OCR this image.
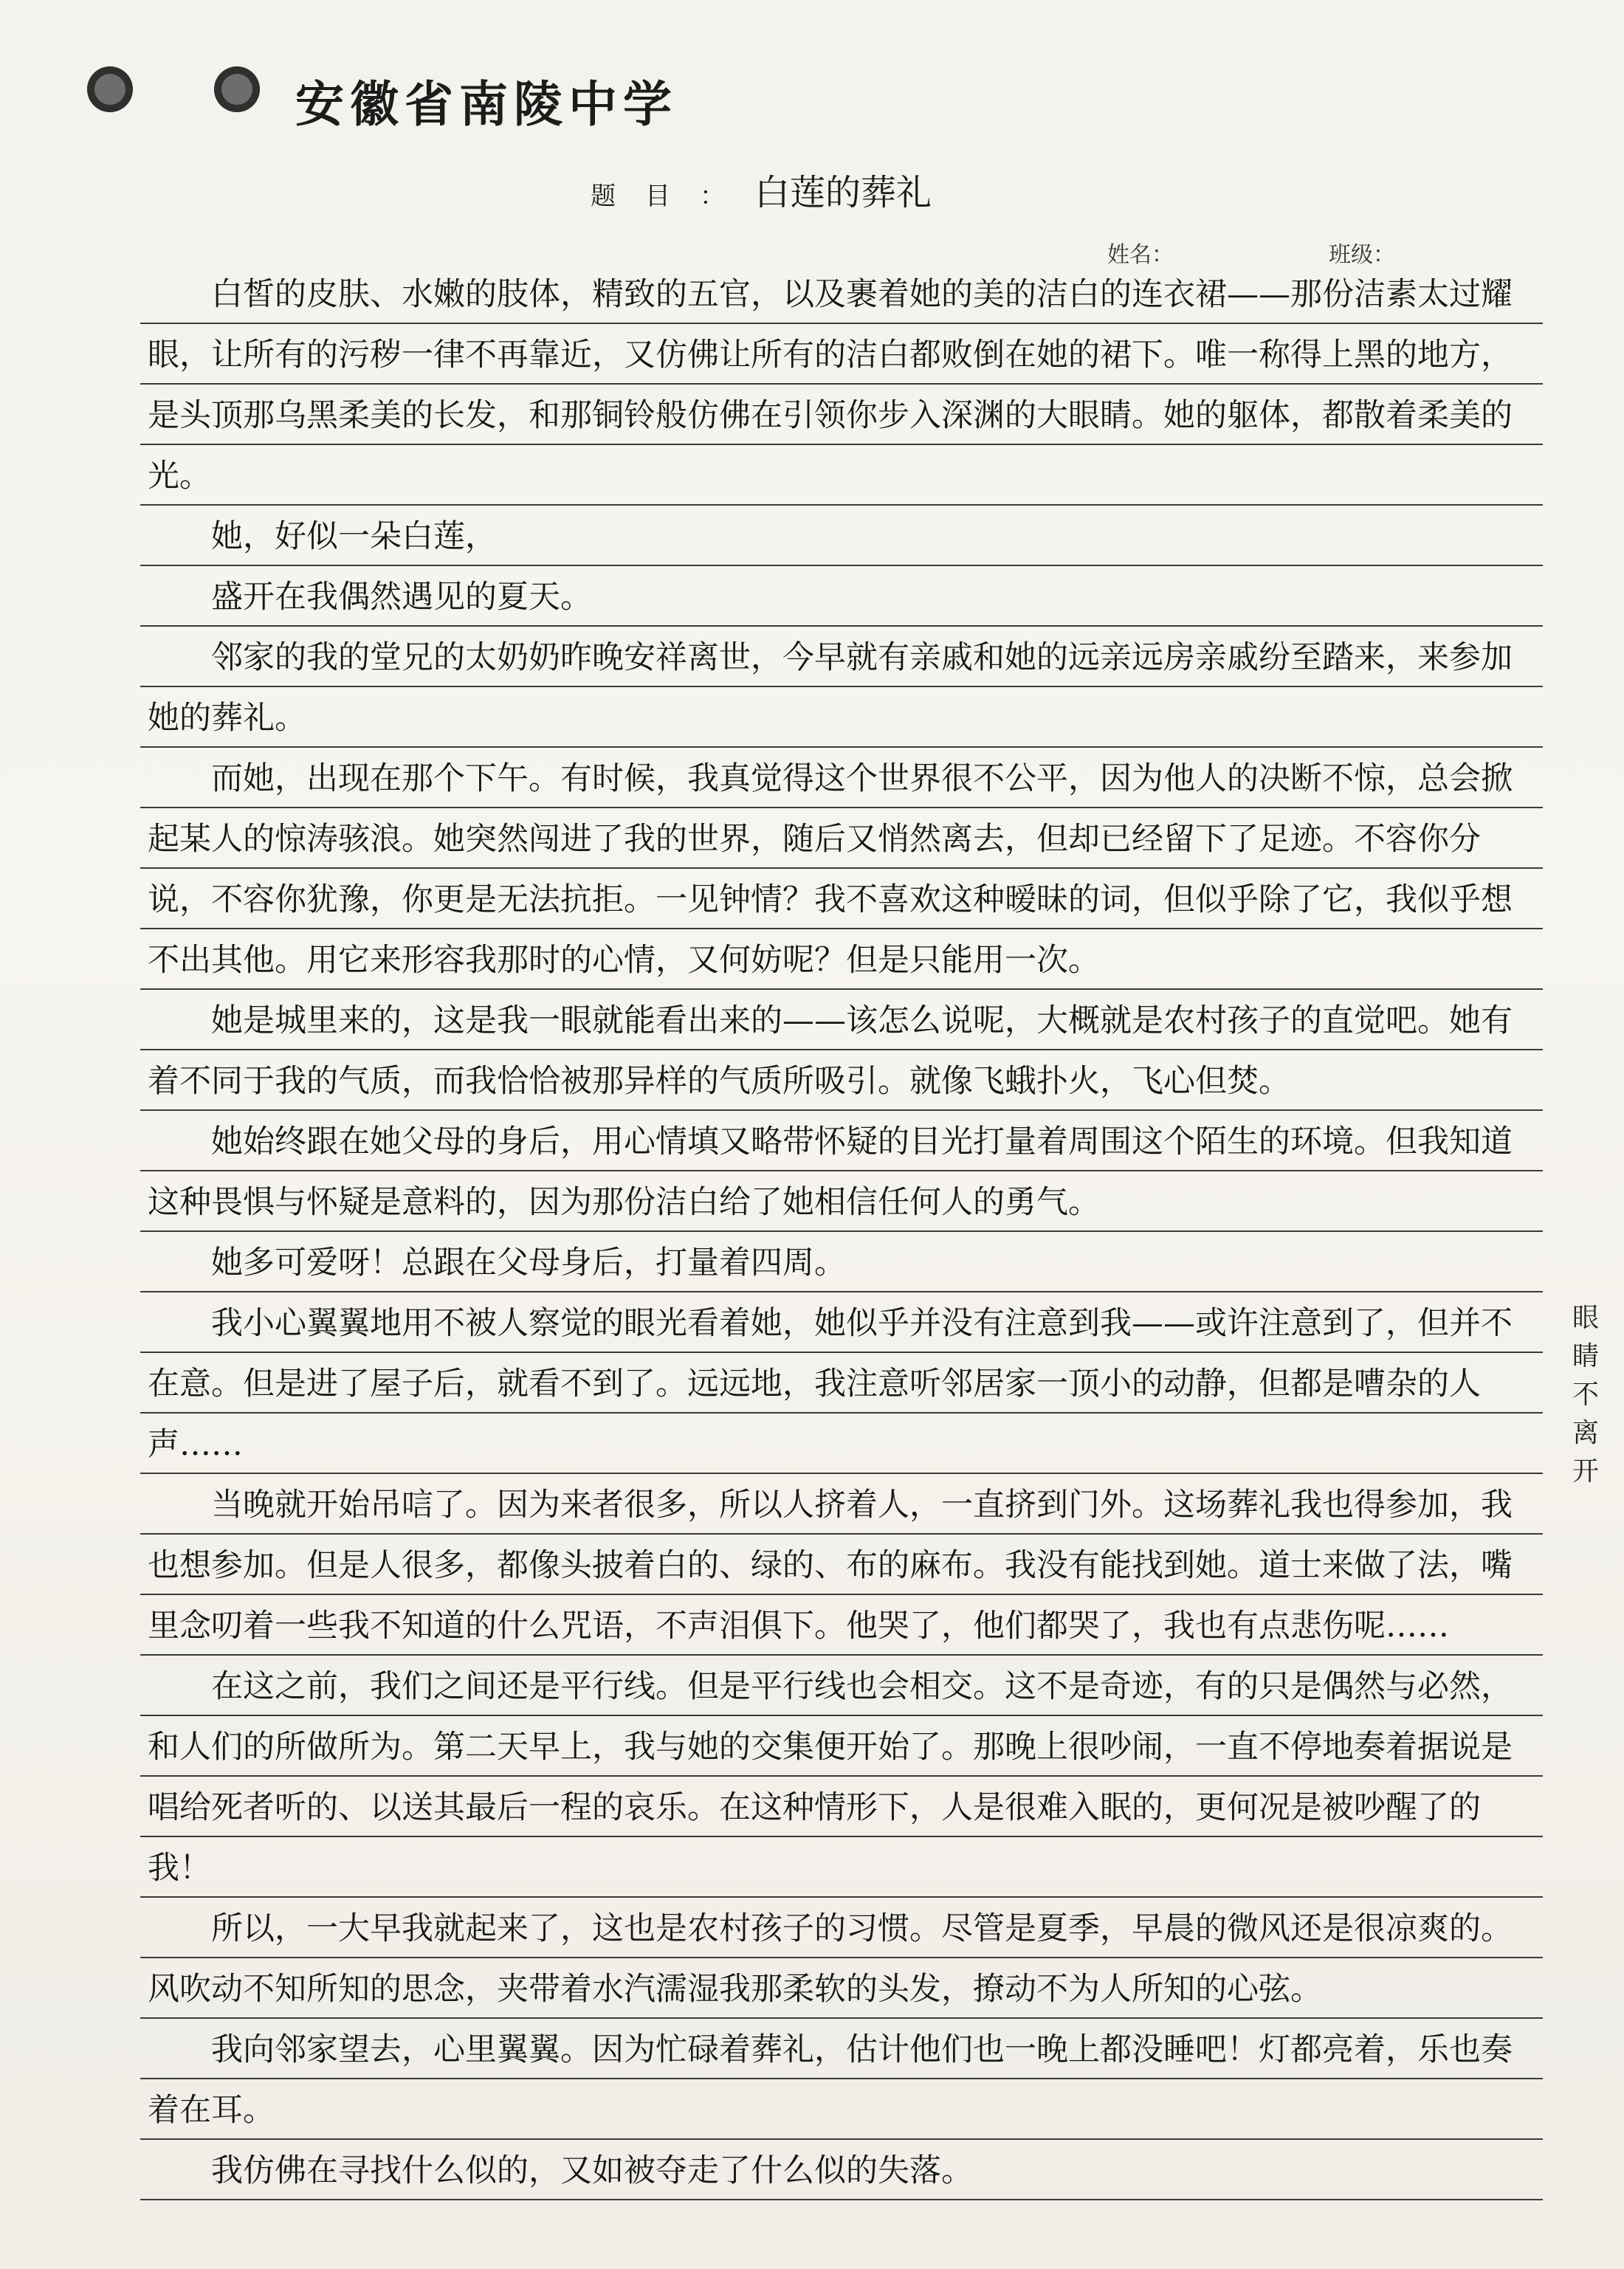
安徽省南陵中学
题目：白莲的葬礼
姓名：	班级：

白皙的皮肤、水嫩的肢体，精致的五官，以及裹着她的美的洁白的连衣裙——那份洁素太过耀眼，让所有的污秽一律不再靠近，又仿佛让所有的洁白都败倒在她的裙下。唯一称得上黑的地方，是头顶那乌黑柔美的长发，和那铜铃般仿佛在引领你步入深渊的大眼睛。她的躯体，都散着柔美的光。

她，好似一朵白莲，

盛开在我偶然遇见的夏天。

邻家的我的堂兄的太奶奶昨晚安祥离世，今早就有亲戚和她的远亲远房亲戚纷至踏来，来参加她的葬礼。

而她，出现在那个下午。有时候，我真觉得这个世界很不公平，因为他人的决断不惊，总会掀起某人的惊涛骇浪。她突然闯进了我的世界，随后又悄然离去，但却已经留下了足迹。不容你分说，不容你犹豫，你更是无法抗拒。一见钟情？我不喜欢这种暧昧的词，但似乎除了它，我似乎想不出其他。用它来形容我那时的心情，又何妨呢？但是只能用一次。

她是城里来的，这是我一眼就能看出来的——该怎么说呢，大概就是农村孩子的直觉吧。她有着不同于我的气质，而我恰恰被那异样的气质所吸引。就像飞蛾扑火，飞心但焚。

她始终跟在她父母的身后，用心情填又略带怀疑的目光打量着周围这个陌生的环境。但我知道这种畏惧与怀疑是意料的，因为那份洁白给了她相信任何人的勇气。

她多可爱呀！总跟在父母身后，打量着四周。

我小心翼翼地用不被人察觉的眼光看着她，她似乎并没有注意到我——或许注意到了，但并不在意。但是进了屋子后，就看不到了。远远地，我注意听邻居家一顶小的动静，但都是嘈杂的人声……

当晚就开始吊唁了。因为来者很多，所以人挤着人，一直挤到门外。这场葬礼我也得参加，我也想参加。但是人很多，都像头披着白的、绿的、布的麻布。我没有能找到她。道士来做了法，嘴里念叨着一些我不知道的什么咒语，不声泪俱下。他哭了，他们都哭了，我也有点悲伤呢……

在这之前，我们之间还是平行线。但是平行线也会相交。这不是奇迹，有的只是偶然与必然，和人们的所做所为。第二天早上，我与她的交集便开始了。那晚上很吵闹，一直不停地奏着据说是唱给死者听的、以送其最后一程的哀乐。在这种情形下，人是很难入眠的，更何况是被吵醒了的我！

所以，一大早我就起来了，这也是农村孩子的习惯。尽管是夏季，早晨的微风还是很凉爽的。风吹动不知所知的思念，夹带着水汽濡湿我那柔软的头发，撩动不为人所知的心弦。

我向邻家望去，心里翼翼。因为忙碌着葬礼，估计他们也一晚上都没睡吧！灯都亮着，乐也奏着在耳。

我仿佛在寻找什么似的，又如被夺走了什么似的失落。

眼睛不离开
